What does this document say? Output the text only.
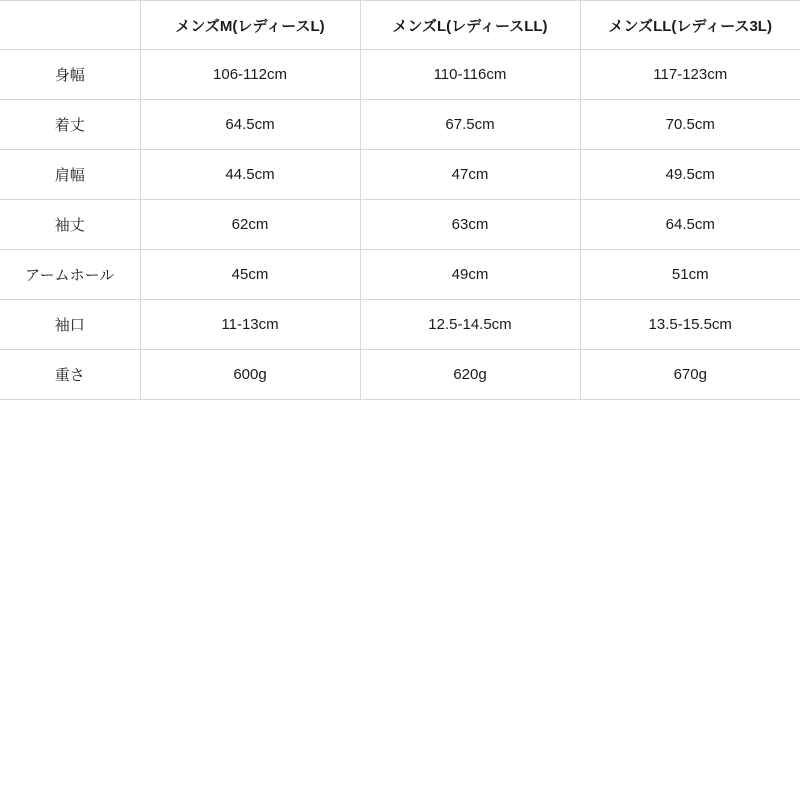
	メンズM(レディースL)	メンズL(レディースLL)	メンズLL(レディース3L)
身幅	106-112cm	110-116cm	117-123cm
着丈	64.5cm	67.5cm	70.5cm
肩幅	44.5cm	47cm	49.5cm
袖丈	62cm	63cm	64.5cm
アームホール	45cm	49cm	51cm
袖口	11-13cm	12.5-14.5cm	13.5-15.5cm
重さ	600g	620g	670g
